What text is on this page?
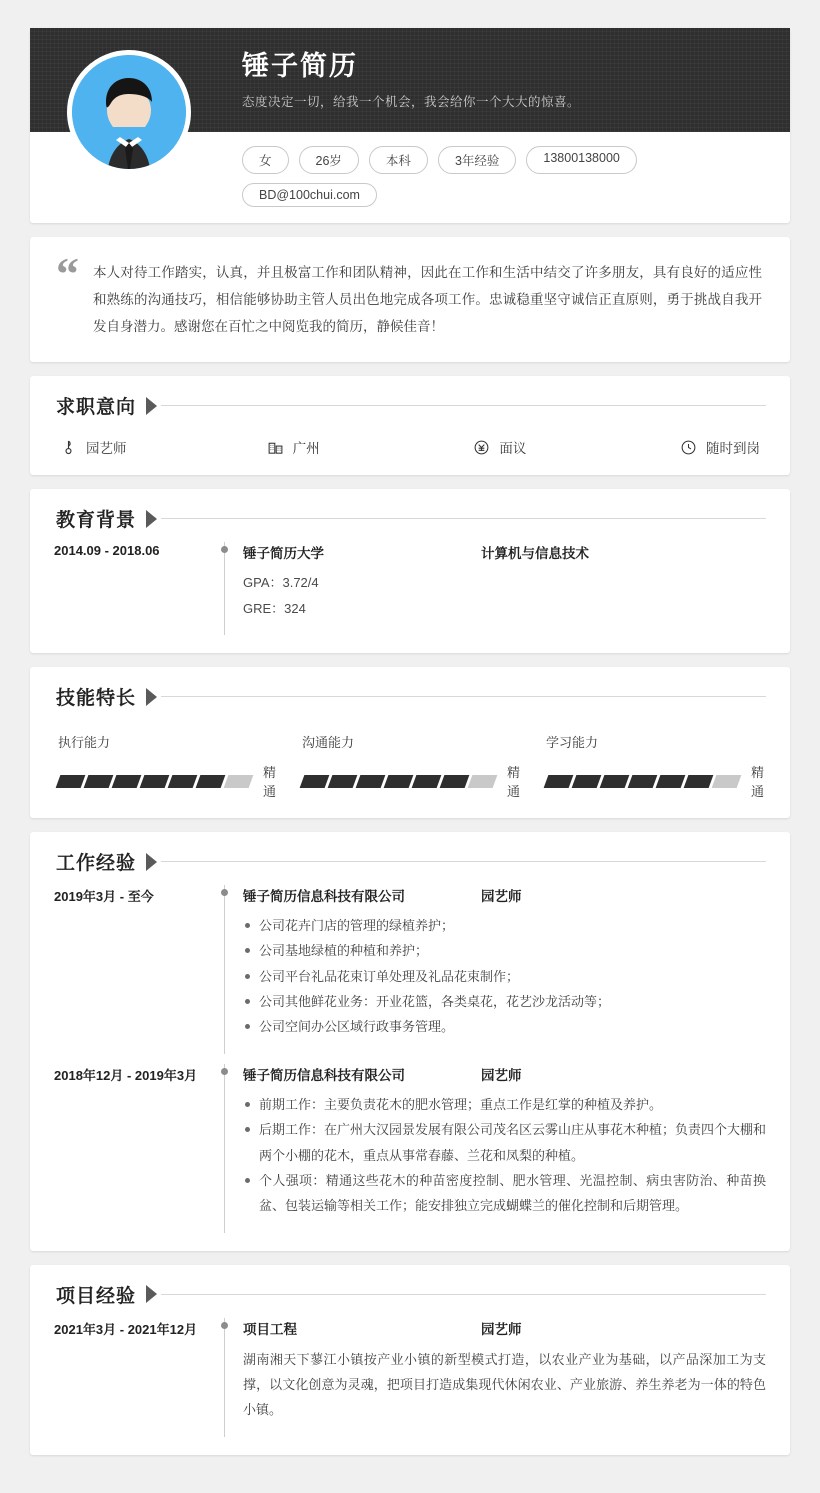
锤子简历
态度决定一切，给我一个机会，我会给你一个大大的惊喜。
女	26岁	本科	3年经验	13800138000
BD@100chui.com
“ 本人对待工作踏实，认真，并且极富工作和团队精神，因此在工作和生活中结交了许多朋友，具有良好的适应性和熟练的沟通技巧，相信能够协助主管人员出色地完成各项工作。忠诚稳重坚守诚信正直原则，勇于挑战自我开发自身潜力。感谢您在百忙之中阅览我的简历，静候佳音！
求职意向
园艺师	广州	面议	随时到岗
教育背景
2014.09 - 2018.06	锤子简历大学	计算机与信息技术
GPA：3.72/4
GRE：324
技能特长
执行能力
精通
沟通能力
精通
学习能力
精通
工作经验
2019年3月 - 至今	锤子简历信息科技有限公司	园艺师
公司花卉门店的管理的绿植养护；
公司基地绿植的种植和养护；
公司平台礼品花束订单处理及礼品花束制作；
公司其他鲜花业务：开业花篮，各类桌花，花艺沙龙活动等；
公司空间办公区域行政事务管理。
2018年12月 - 2019年3月	锤子简历信息科技有限公司	园艺师
前期工作：主要负责花木的肥水管理；重点工作是红掌的种植及养护。
后期工作：在广州大汉园景发展有限公司茂名区云雾山庄从事花木种植；负责四个大棚和两个小棚的花木，重点从事常春藤、兰花和凤梨的种植。
个人强项：精通这些花木的种苗密度控制、肥水管理、光温控制、病虫害防治、种苗换盆、包装运输等相关工作；能安排独立完成蝴蝶兰的催化控制和后期管理。
项目经验
2021年3月 - 2021年12月	项目工程	园艺师
湖南湘天下蓼江小镇按产业小镇的新型模式打造，以农业产业为基础，以产品深加工为支撑，以文化创意为灵魂，把项目打造成集现代休闲农业、产业旅游、养生养老为一体的特色小镇。
